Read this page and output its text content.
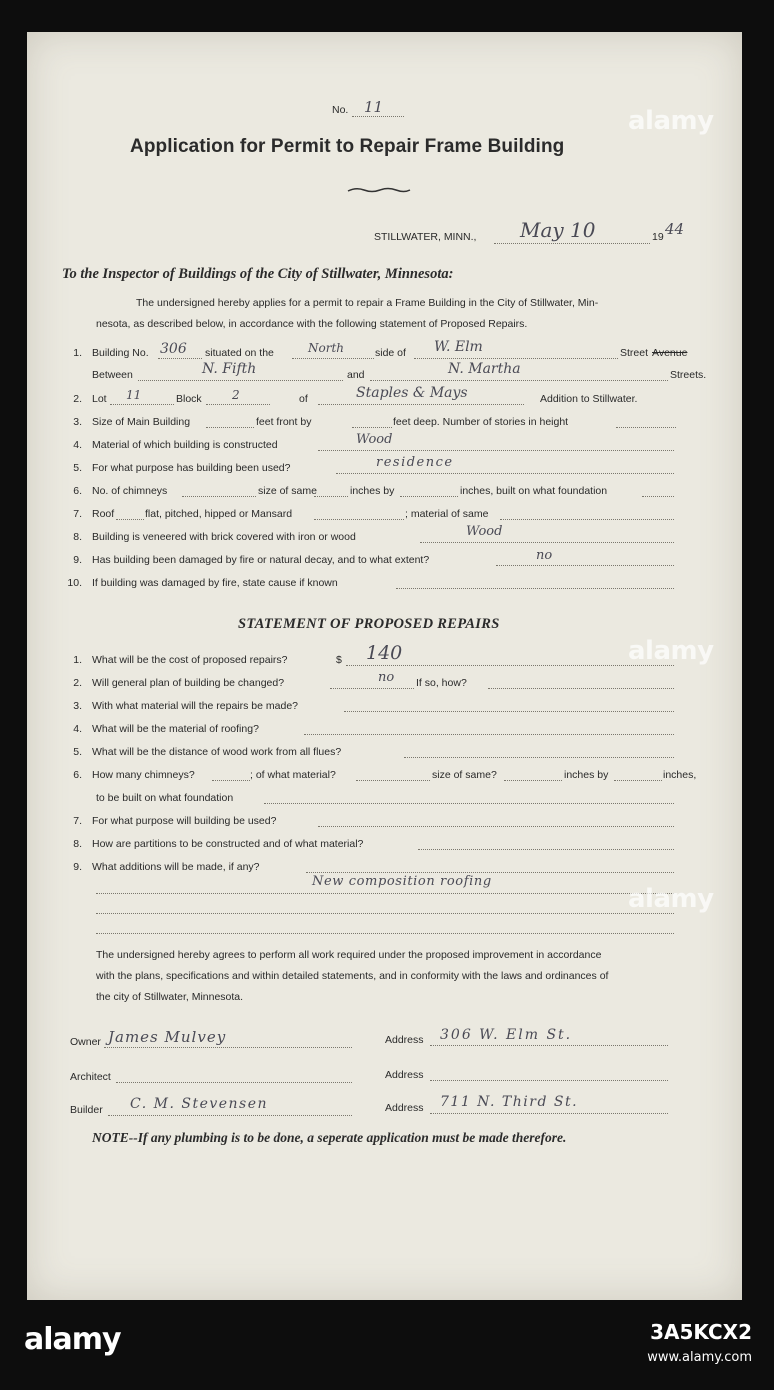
No. 11
Application for Permit to Repair Frame Building
STILLWATER, MINN., May 10	19 44
To the Inspector of Buildings of the City of Stillwater, Minnesota:
The undersigned hereby applies for a permit to repair a Frame Building in the City of Stillwater, Min-
nesota, as described below, in accordance with the following statement of Proposed Repairs.
1. Building No. 306 situated on the	North	side of W. Elm	Street Avenue
Between	N. Fifth	and	N. Martha	Streets.
2. Lot 11	Block	2	of	Staples & Mays	Addition to Stillwater.
3. Size of Main Building	feet front by	feet deep. Number of stories in height
4. Material of which building is constructed	Wood
5. For what purpose has building been used?	residence
6. No. of chimneys	size of same	inches by	inches, built on what foundation
7. Roof	flat, pitched, hipped or Mansard	; material of same
8. Building is veneered with brick covered with iron or wood	Wood
9. Has building been damaged by fire or natural decay, and to what extent?	no
10. If building was damaged by fire, state cause if known
STATEMENT OF PROPOSED REPAIRS
1. What will be the cost of proposed repairs?	$ 140
2. Will general plan of building be changed?	no If so, how?
3. With what material will the repairs be made?
4. What will be the material of roofing?
5. What will be the distance of wood work from all flues?
6. How many chimneys?	; of what material?	size of same?	inches by	inches,
to be built on what foundation
7. For what purpose will building be used?
8. How are partitions to be constructed and of what material?
9. What additions will be made, if any?
New composition roofing
The undersigned hereby agrees to perform all work required under the proposed improvement in accordance
with the plans, specifications and within detailed statements, and in conformity with the laws and ordinances of
the city of Stillwater, Minnesota.
Owner James Mulvey	Address 306 W. Elm St.
Architect	Address
Builder C. M. Stevensen	Address 711 N. Third St.
NOTE--If any plumbing is to be done, a seperate application must be made therefore.
alamy
alamy
alamy
alamy	3A5KCX2
www.alamy.com
